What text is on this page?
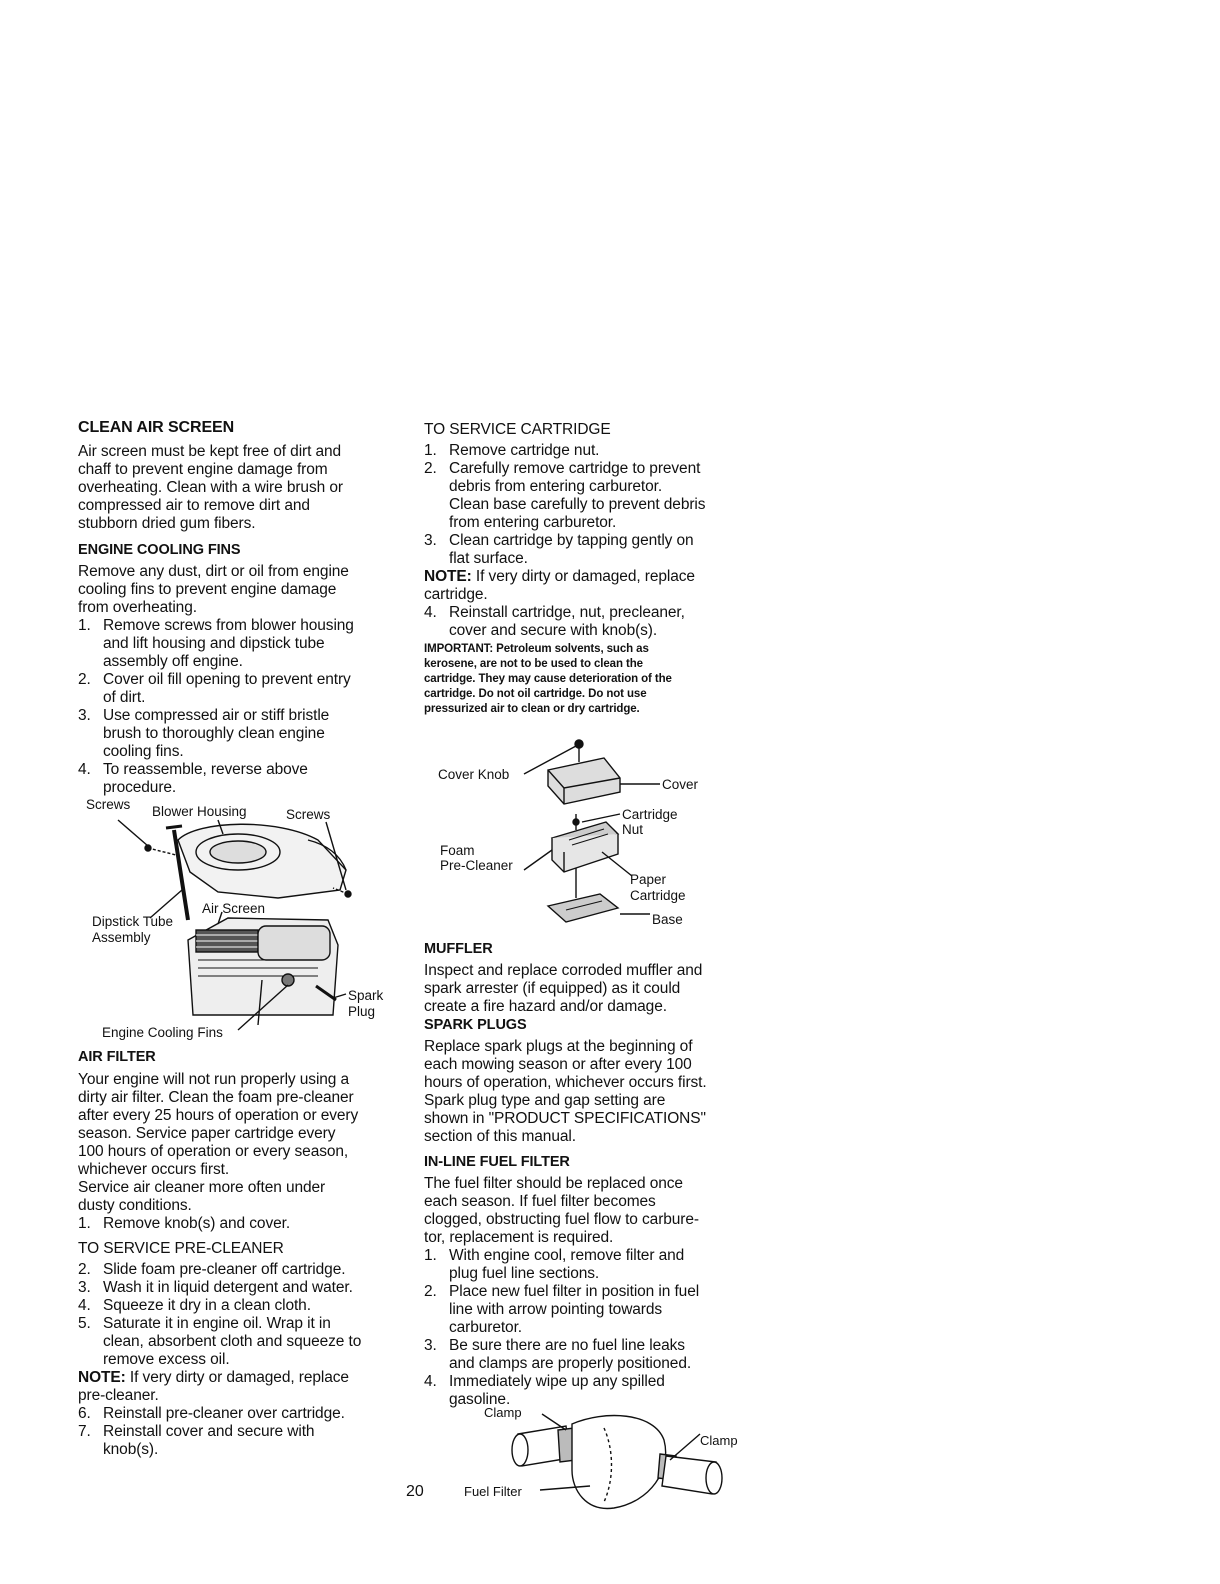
CLEAN AIR SCREEN
Air screen must be kept free of dirt and
chaff to prevent engine damage from
overheating. Clean with a wire brush or
compressed air to remove dirt and
stubborn dried gum fibers.
ENGINE COOLING FINS
Remove any dust, dirt or oil from engine
cooling fins to prevent engine damage
from overheating.
1. Remove screws from blower housing
and lift housing and dipstick tube
assembly off engine.
2. Cover oil fill opening to prevent entry
of dirt.
3. Use compressed air or stiff bristle
brush to thoroughly clean engine
cooling fins.
4. To reassemble, reverse above
procedure.
Screws Blower Housing	Screws
Air Screen
Dipstick Tube
Assembly
Spark
Plug
Engine Cooling Fins
AIR FILTER
Your engine will not run properly using a
dirty air filter. Clean the foam pre-cleaner
after every 25 hours of operation or every
season. Service paper cartridge every
100 hours of operation or every season,
whichever occurs first.
Service air cleaner more often under
dusty conditions.
1. Remove knob(s) and cover.
TO SERVICE PRE-CLEANER
2. Slide foam pre-cleaner off cartridge.
3. Wash it in liquid detergent and water.
4. Squeeze it dry in a clean cloth.
5. Saturate it in engine oil. Wrap it in
clean, absorbent cloth and squeeze to
remove excess oil.
NOTE: If very dirty or damaged, replace
pre-cleaner.
6. Reinstall pre-cleaner over cartridge.
7. Reinstall cover and secure with
knob(s).
TO SERVICE CARTRIDGE
1. Remove cartridge nut.
2. Carefully remove cartridge to prevent
debris from entering carburetor.
Clean base carefully to prevent debris
from entering carburetor.
3. Clean cartridge by tapping gently on
flat surface.
NOTE: If very dirty or damaged, replace
cartridge.
4. Reinstall cartridge, nut, precleaner,
cover and secure with knob(s).
IMPORTANT: Petroleum solvents, such as
kerosene, are not to be used to clean the
cartridge. They may cause deterioration of the
cartridge. Do not oil cartridge. Do not use
pressurized air to clean or dry cartridge.
Cover Knob
Cover
Cartridge
Nut
Foam
Pre-Cleaner
Paper
Cartridge
Base
MUFFLER
Inspect and replace corroded muffler and
spark arrester (if equipped) as it could
create a fire hazard and/or damage.
SPARK PLUGS
Replace spark plugs at the beginning of
each mowing season or after every 100
hours of operation, whichever occurs first.
Spark plug type and gap setting are
shown in "PRODUCT SPECIFICATIONS"
section of this manual.
IN-LINE FUEL FILTER
The fuel filter should be replaced once
each season. If fuel filter becomes
clogged, obstructing fuel flow to carbure-
tor, replacement is required.
1. With engine cool, remove filter and
plug fuel line sections.
2. Place new fuel filter in position in fuel
line with arrow pointing towards
carburetor.
3. Be sure there are no fuel line leaks
and clamps are properly positioned.
4. Immediately wipe up any spilled
gasoline.
Clamp
Clamp
Fuel Filter
20
